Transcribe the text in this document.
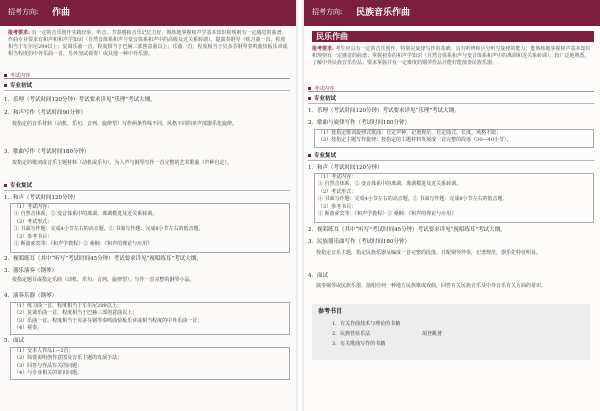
招考方向: 作曲
报考要求: 有一定的音乐创作实践经验，听音、节奏感和音乐记忆力好，熟练地掌握和声学基本知识和规则有一定感觉的曲谱，作曲专业要求有和声和和声学知识（自然音体系和声与变音体系和声中的高级及近关系转调），提演奏钢琴（练习曲一首、程度相当于车尔尼299以上；复调乐曲一首，程度相当于巴赫三部创意曲以上；乐曲一首，程度相当于贝多芬钢琴奏鸣曲快板乐章或相当程度的中外乐曲一首，另外加试视奏）或其他一种中外乐器。
考试内容
专业初试
1．乐理（考试时间120分钟）考试要求详见“乐理”考试大纲。
2．和声写作（考试时间90分钟）
按指定的音乐材料（动机、乐句、音列、旋律型）写作两条性线不同、风格不同的单声部器乐化旋律。
3．歌曲写作（考试时间180分钟）
按指定的歌词或音乐主题材料（动机或乐句），为人声与钢琴写作一首完整的艺术歌曲（声种自定）。
专业复试
1．和声（考试时间120分钟）
（1）考试内容：
① 自然音体系，② 变音体系中的离调、离调模进及近关系转调。
（2）考试形式：
① 书面写作题：完成4小节左右的高音题，② 书面写作题：完成8小节左右的低音题。
（3）参考书目：
① 斯波索宾等：《和声学教程》② 桑桐：《和声的理论与应用》
2．视唱练耳（其中“听写”考试时间45分钟）考试要求详见“视唱练耳”考试大纲。
3．器乐演奏（钢琴）
按指定题目或指定乐曲（动机、乐句、音列、旋律型），写作一首完整的钢琴小品。
4．演奏乐器（钢琴）
（1）练习曲一首，程度相当于车尔尼299以上；
（2）复调乐曲一首，程度相当于巴赫三部创意曲以上；
（3）乐曲一首，程度相当于贝多芬钢琴奏鸣曲快板乐章或相当程度的中外乐曲一首；
（4）视奏。
5．面试
（1）交本人作品1—2首；
（2）简要说明创作意图及音乐主题的发展手法；
（3）回答与作品有关的问题；
（4）与专业相关的常识问题。
招考方向: 民族音乐作曲
民乐作曲
报考要求: 考生应具有一定的音乐创作，特别是旋律写作的基础；具有听辨和区分听写旋律的能力；能熟练地掌握和声基本知识和规则有一定感觉的曲谱；掌握初步的和声学知识（自然音体系和声与变音体系和声中的离调和近关系转调）；较广泛地熟悉，了解中外民族音乐作品；要求掌握并有一定难度的钢琴作品并能好能演奏民族乐器。
考试内容
专业初试
1．乐理（考试时间120分钟）考试要求详见“乐理”考试大纲。
2．歌曲与旋律写作（考试时间180分钟）
（1）按指定歌词旋律式歌曲：自定声种，记谱规范，自定曲式、长度，风格不限；
（2）按指定主题写作旋律：按指定的主题材料发展成一首完整的段落（30—40小节）。
专业复试
1．和声（考试时间120分钟）
（1）考试内容：
① 自然音体系，② 变音体系中的离调、离调模进及近关系转调。
（2）考试形式：
① 书面写作题：完成4小节左右的高音题，② 书面写作题：完成8小节左右的低音题。
（3）参考书目：
① 斯波索宾等：《和声学教程》② 桑桐：《和声的理论与应用》
2．视唱练耳（其中“听写”考试时间45分钟）考试要求详见“视唱练耳”考试大纲。
3．民族器乐曲写作（考试时间180分钟）
按指定音乐主题，指定民族乐器及编成一首完整的段落，并配钢琴伴奏，记谱规范，器乐化特征明显。
4．面试
演奏钢琴或民族乐器，演唱任何一种地方民族歌或戏曲，回答有关民族音乐及中外音乐有关方面的常识。
参考书目
1．有关作曲技术与理论的书籍
2．民族管弦乐法	胡登跳著
3．有关歌曲写作的书籍
